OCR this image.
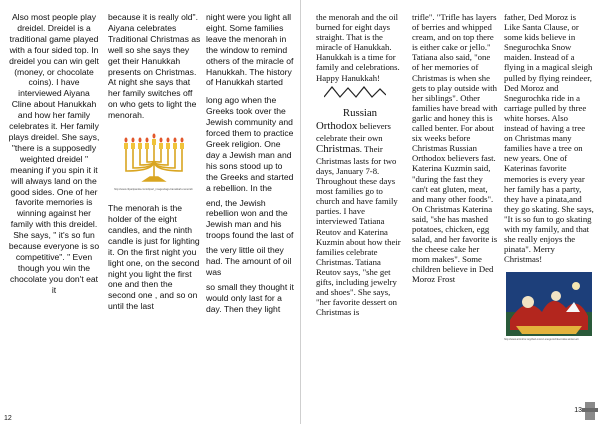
Also most people play dreidel. Dreidel is a traditional game played with a four sided top. In dreidel you can win gelt (money, or chocolate coins). I have interviewed Aiyana Cline about Hanukkah and how her family celebrates it. Her family plays dreidel. She says, "there is a supposedly weighted dreidel " meaning if you spin it it will always land on the good sides. One of her favorite memories is winning against her family with this dreidel. She says, " it's so fun because everyone is so competitive". " Even though you win the chocolate you don't eat it

because it is really old". Aiyana celebrates Traditional Christmas as well so she says they get their Hanukkah presents on Christmas. At night she says that her family switches off on who gets to light the menorah.

http://www.clipartpanda.com/clipart_images/tags-hanukkah-menorah

The menorah is the holder of the eight candles, and the ninth candle is just for lighting it. On the first night you light one, on the second night you light the first one and then the second one , and so on until the last

night were you light all eight. Some families leave the menorah in the window to remind others of the miracle of Hanukkah. The history of Hanukkah started

long ago when the Greeks took over the Jewish community and forced them to practice Greek religion. One day a Jewish man and his sons stood up to the Greeks and started a rebellion. In the

end, the Jewish rebellion won and the Jewish man and his troops found the last of

the very little oil they had. The amount of oil was

so small they thought it would only last for a day. Then they light

12

the menorah and the oil burned for eight days straight. That is the miracle of Hanukkah. Hanukkah is a time for family and celebrations. Happy Hanukkah!

Russian

Orthodox believers celebrate their own

Christmas. Their Christmas lasts for two days, January 7-8. Throughout these days most families go to church and have family parties. I have interviewed Tatiana Reutov and Katerina Kuzmin about how their families celebrate Christmas. Tatiana Reutov says, "she get gifts, including jewelry and shoes". She says, "her favorite dessert on Christmas is

trifle". "Trifle has layers of berries and whipped cream, and on top there is either cake or jello." Tatiana also said, "one of her memories of Christmas is when she gets to play outside with her siblings". Other families have bread with garlic and honey this is called benter. For about six weeks before Christmas Russian Orthodox believers fast. Katerina Kuzmin said, "during the fast they can't eat gluten, meat, and many other foods". On Christmas Katerina said, "she has mashed potatoes, chicken, egg salad, and her favorite is the cheese cake her mom makes". Some children believe in Ded Moroz Frost

father, Ded Moroz is Like Santa Clause, or some kids believe in Snegurochka Snow maiden. Instead of a flying in a magical sleigh pulled by flying reindeer, Ded Moroz and Snegurochka ride in a carriage pulled by three white horses. Also instead of having a tree on Christmas many families have a tree on new years. One of Katerinas favorite memories is every year her family has a party, they have a pinata,and they go skating. She says, "It is so fun to go skating with my family, and that she really enjoys the pinata". Merry Christmas!

http://www.artmirror.org/ded-moroz-snegurochka-troika-winter-art
13
